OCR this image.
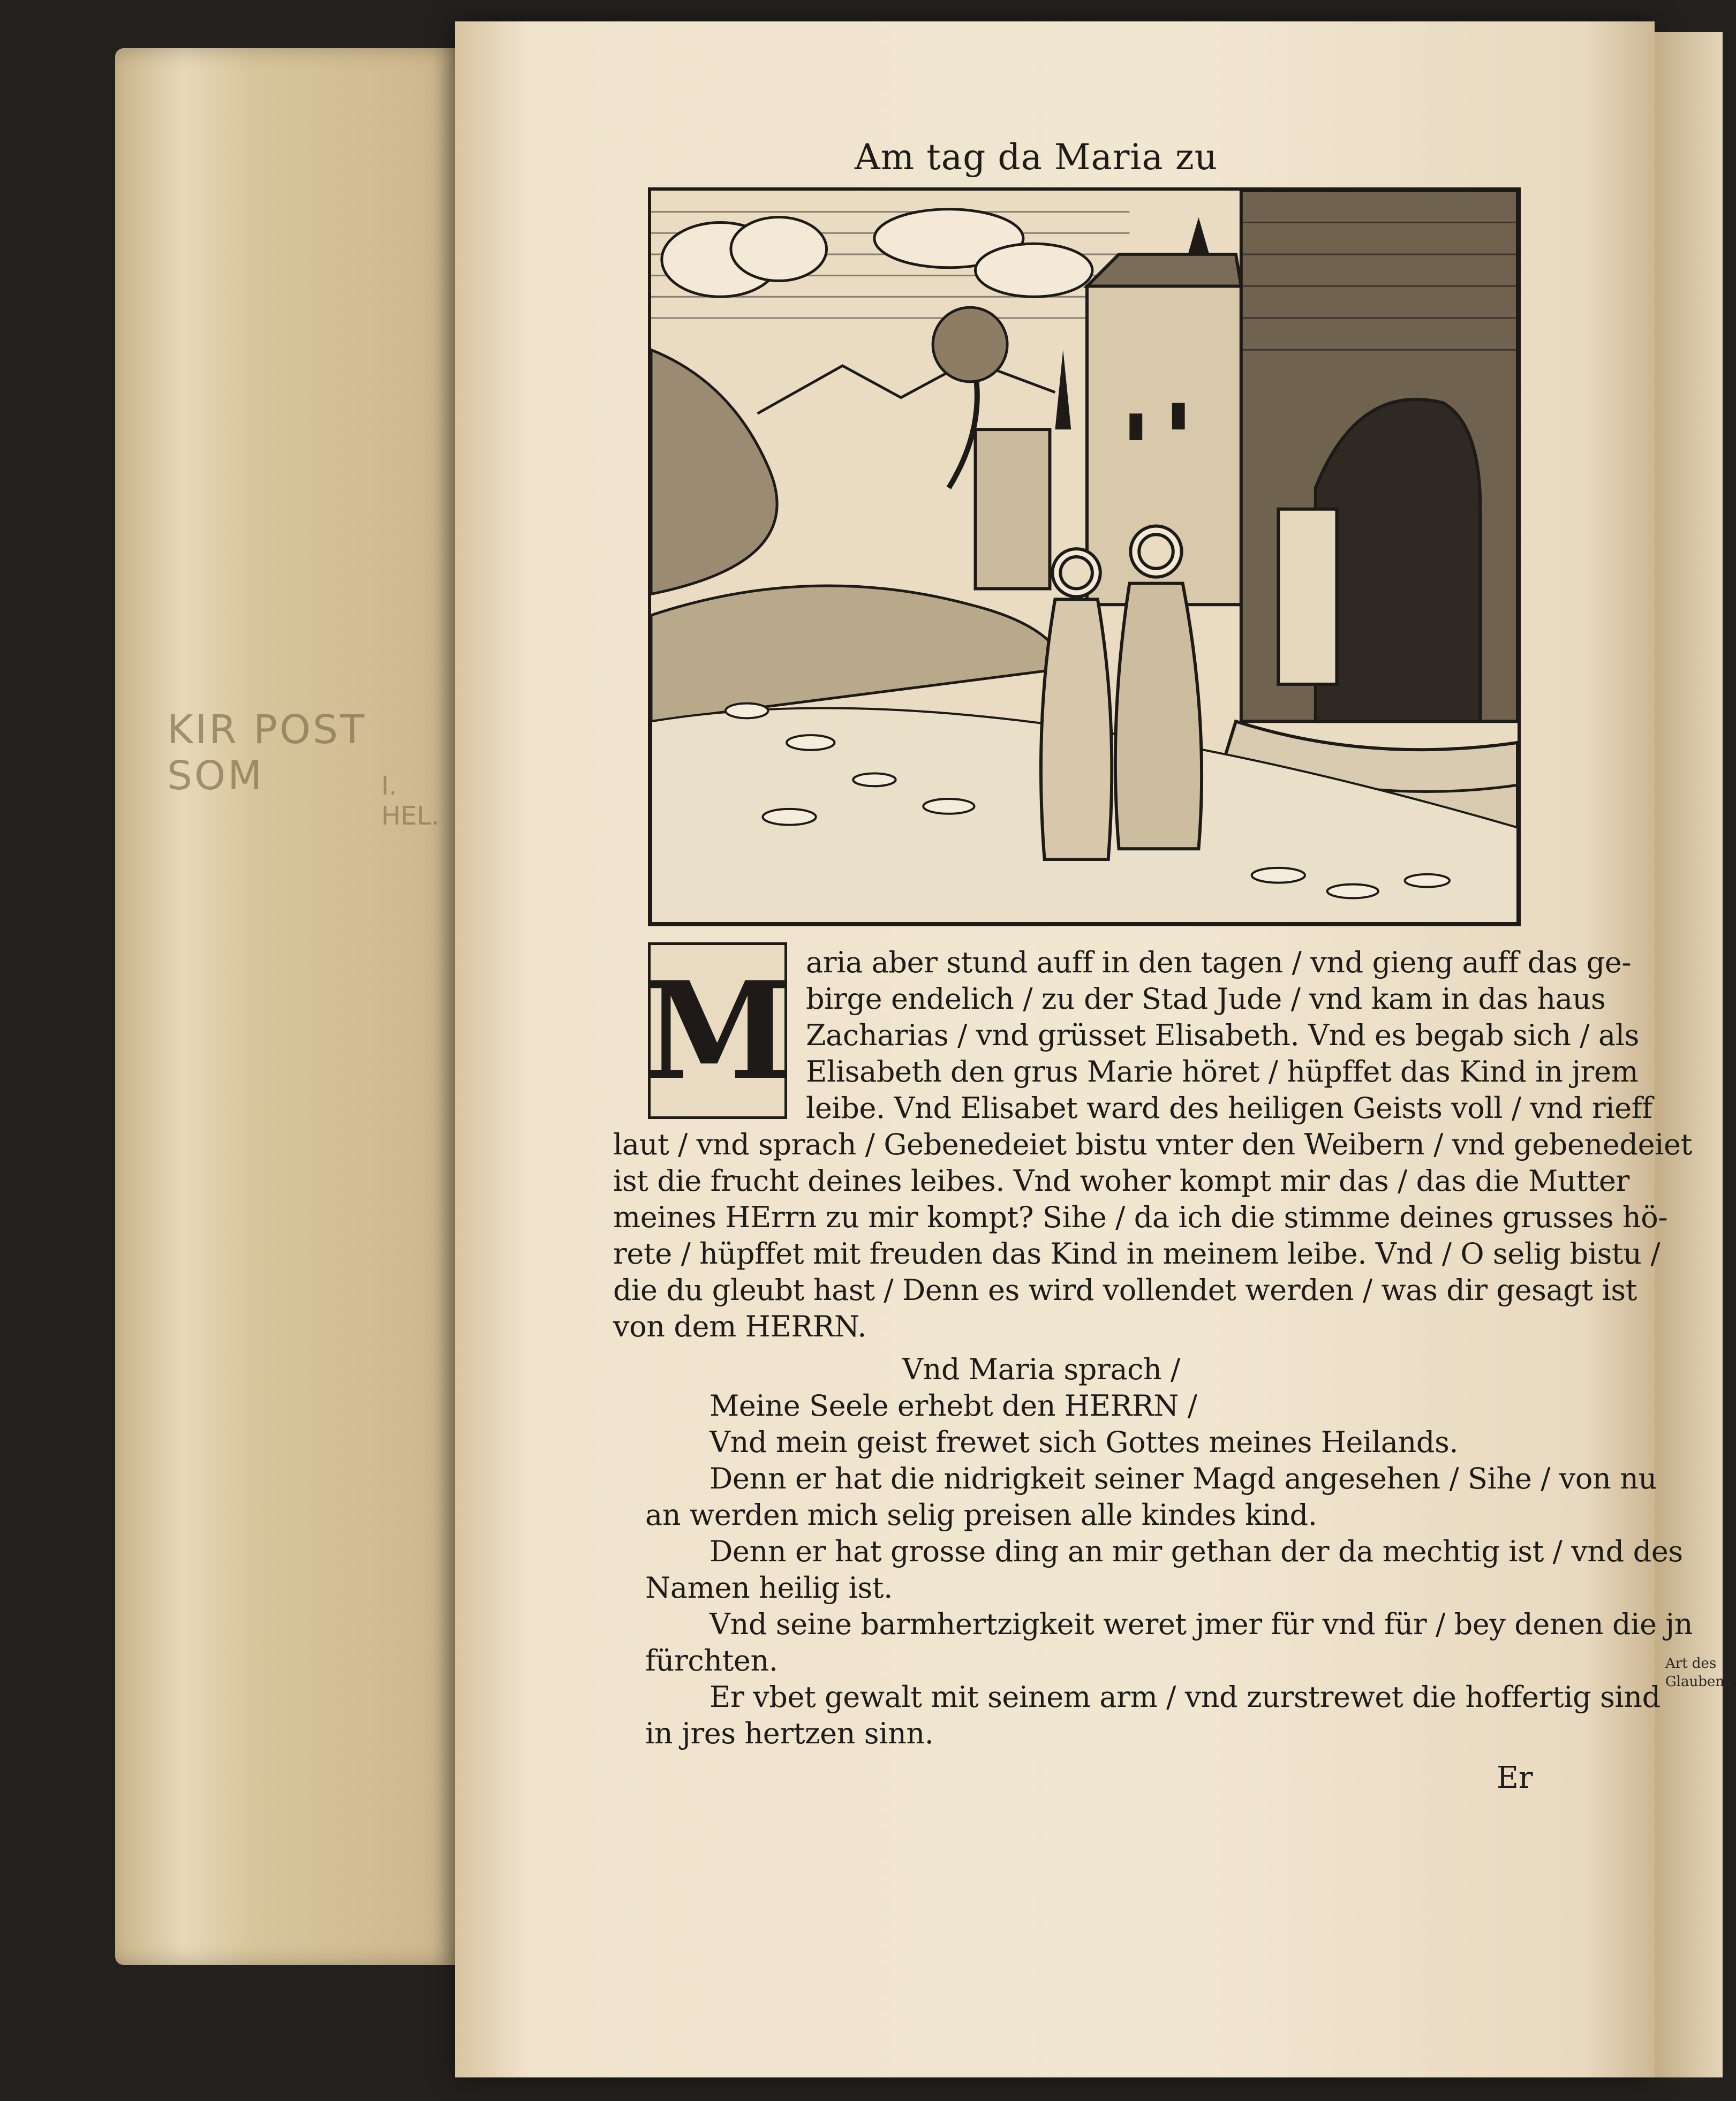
KIR POST SOM	I. HEL.
Art des Glaubens.
Am tag da Maria zu
M aria aber stund auff in den tagen / vnd gieng auff das ge-
birge endelich / zu der Stad Jude / vnd kam in das haus
Zacharias / vnd grüsset Elisabeth. Vnd es begab sich / als
Elisabeth den grus Marie höret / hüpffet das Kind in jrem
leibe. Vnd Elisabet ward des heiligen Geists voll / vnd rieff
laut / vnd sprach / Gebenedeiet bistu vnter den Weibern / vnd gebenedeiet
ist die frucht deines leibes. Vnd woher kompt mir das / das die Mutter
meines HErrn zu mir kompt? Sihe / da ich die stimme deines grusses hö-
rete / hüpffet mit freuden das Kind in meinem leibe. Vnd / O selig bistu /
die du gleubt hast / Denn es wird vollendet werden / was dir gesagt ist
von dem HERRN.
Vnd Maria sprach /
Meine Seele erhebt den HERRN /
Vnd mein geist frewet sich Gottes meines Heilands.
Denn er hat die nidrigkeit seiner Magd angesehen / Sihe / von nu
an werden mich selig preisen alle kindes kind.
Denn er hat grosse ding an mir gethan der da mechtig ist / vnd des
Namen heilig ist.
Vnd seine barmhertzigkeit weret jmer für vnd für / bey denen die jn
fürchten.
Er vbet gewalt mit seinem arm / vnd zurstrewet die hoffertig sind
in jres hertzen sinn.
Er
